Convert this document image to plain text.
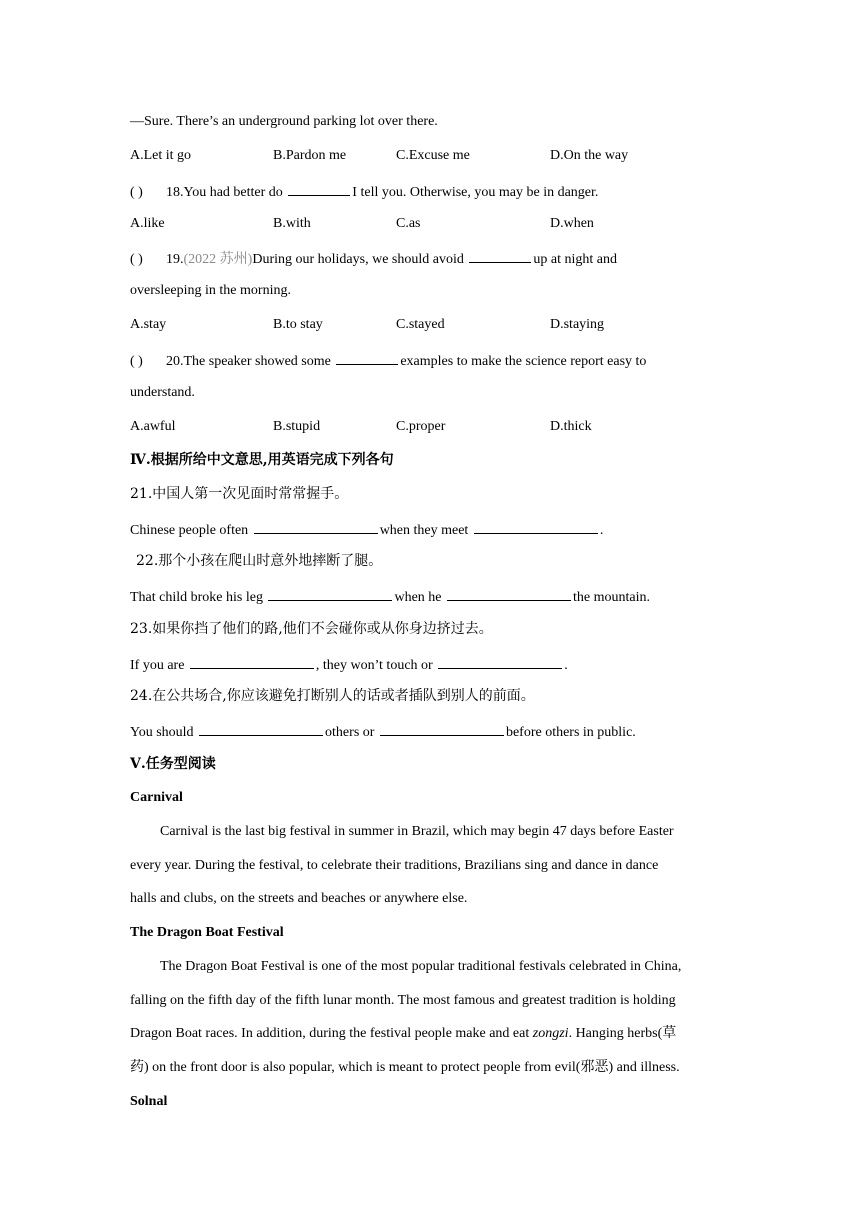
—Sure. There’s an underground parking lot over there.
A.Let it go	B.Pardon me	C.Excuse me	D.On the way
( ) 18.You had better do	I tell you. Otherwise, you may be in danger.
A.like	B.with	C.as	D.when
( ) 19.(2022 苏州)During our holidays, we should avoid	up at night and
oversleeping in the morning.
A.stay	B.to stay	C.stayed	D.staying
( ) 20.The speaker showed some	examples to make the science report easy to
understand.
A.awful	B.stupid	C.proper	D.thick
Ⅳ.根据所给中文意思,用英语完成下列各句
21.中国人第一次见面时常常握手。
Chinese people often	when they meet	.
22.那个小孩在爬山时意外地摔断了腿。
That child broke his leg	when he	the mountain.
23.如果你挡了他们的路,他们不会碰你或从你身边挤过去。
If you are	, they won’t touch or	.
24.在公共场合,你应该避免打断别人的话或者插队到别人的前面。
You should	others or	before others in public.
Ⅴ.任务型阅读
Carnival
Carnival is the last big festival in summer in Brazil, which may begin 47 days before Easter
every year. During the festival, to celebrate their traditions, Brazilians sing and dance in dance
halls and clubs, on the streets and beaches or anywhere else.
The Dragon Boat Festival
The Dragon Boat Festival is one of the most popular traditional festivals celebrated in China,
falling on the fifth day of the fifth lunar month. The most famous and greatest tradition is holding
Dragon Boat races. In addition, during the festival people make and eat zongzi. Hanging herbs(草
药) on the front door is also popular, which is meant to protect people from evil(邪恶) and illness.
Solnal
